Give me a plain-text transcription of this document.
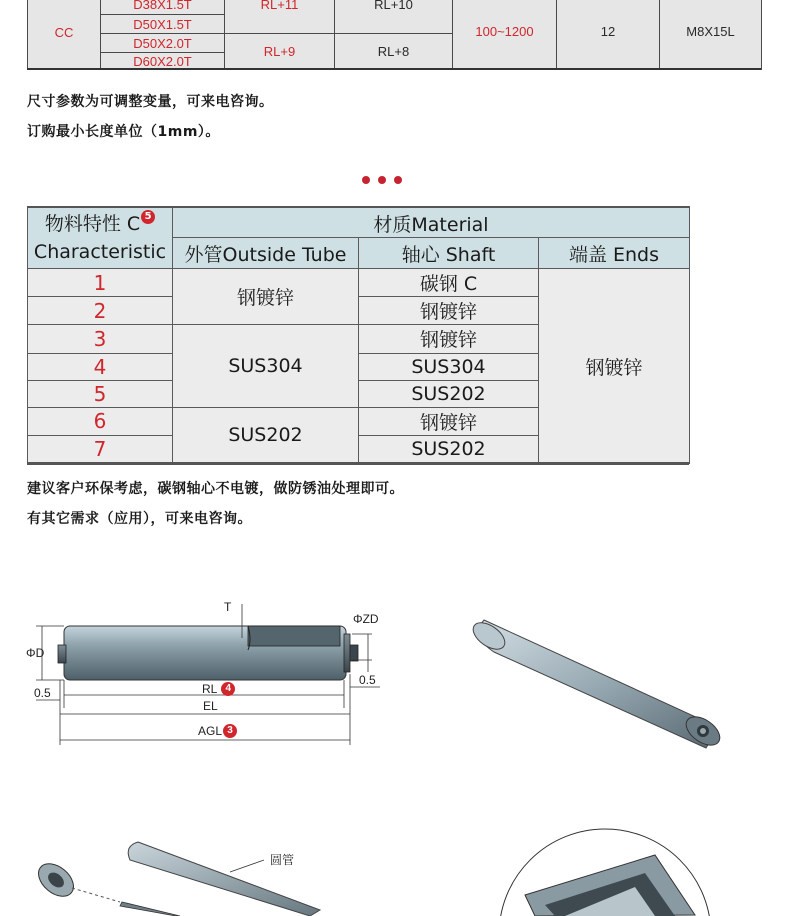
CC	D38X1.5T	RL+11	RL+10	100~1200	12	M8X15L
	D50X1.5T					
	D50X2.0T	RL+9	RL+8			
	D60X2.0T					
尺寸参数为可调整变量，可来电咨询。
订购最小长度单位（1mm）。
物料特性 C 5
Characteristic	材质Material		
	外管Outside Tube	轴心 Shaft	端盖 Ends
1	钢镀锌	碳钢 C	钢镀锌
2		钢镀锌	
3	SUS304	钢镀锌	
4		SUS304	
5		SUS202	
6	SUS202	钢镀锌	
7		SUS202	
建议客户环保考虑，碳钢轴心不电镀，做防锈油处理即可。
有其它需求（应用），可来电咨询。
T
ΦD
ΦZD
0.5
0.5
RL 4
EL
AGL 3
圆管
